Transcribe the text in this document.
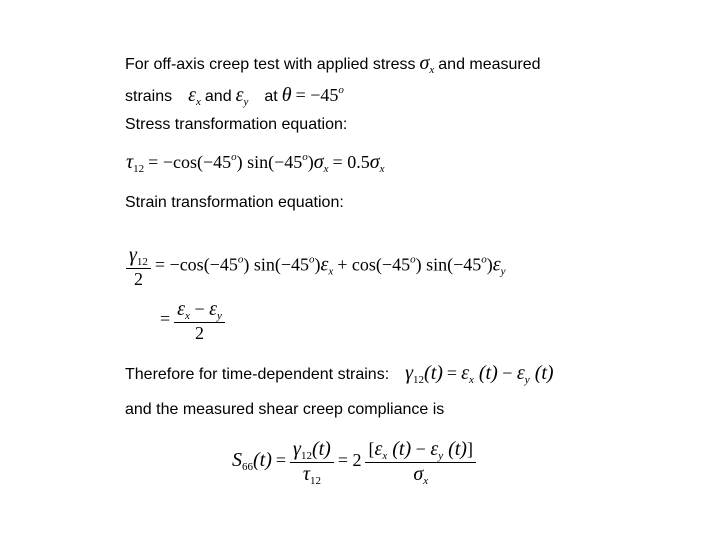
For off-axis creep test with applied stress $\sigma_x$ and measured
strains $\varepsilon_x$ and $\varepsilon_y$ at $\theta = -45^o$
Stress transformation equation:
$\tau_{12} = -\cos(-45^o) \sin(-45^o)\sigma_x = 0.5\sigma_x$
Strain transformation equation:
$\frac{\gamma_{12}}{2} = -\cos(-45^o) \sin(-45^o)\varepsilon_x + \cos(-45^o)$ $\sin(-45^o)\varepsilon_y$
= $\frac{\varepsilon_x - \varepsilon_y}{2}$
Therefore for time-dependent strains: $\gamma_{12}(t) = \varepsilon_x$ $(t) - \varepsilon_y$ (t)
and the measured shear creep compliance is
$S_{66}(t) = \frac{\gamma_{12}(t)}{\tau_{12}} = 2 \frac{[\varepsilon_x (t) - \varepsilon_y (t)]}{\sigma_x}$
